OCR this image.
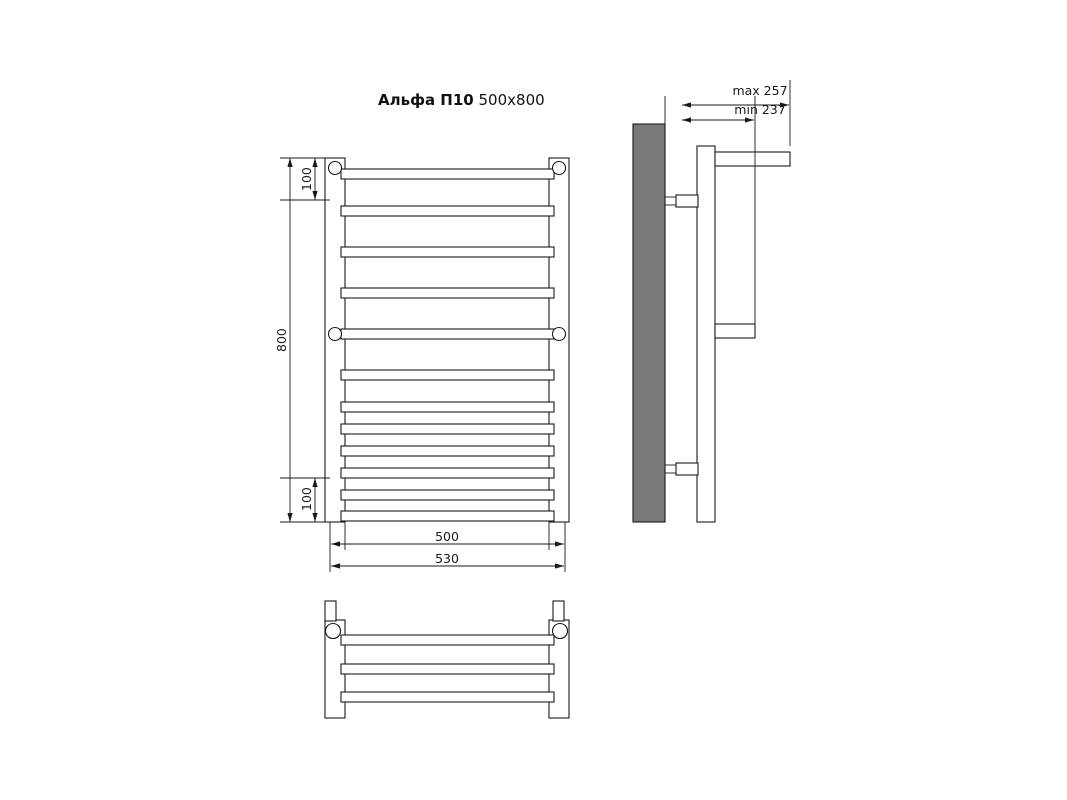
Альфа П10 500x800
100
800
100
500
530
max 257
min 237
